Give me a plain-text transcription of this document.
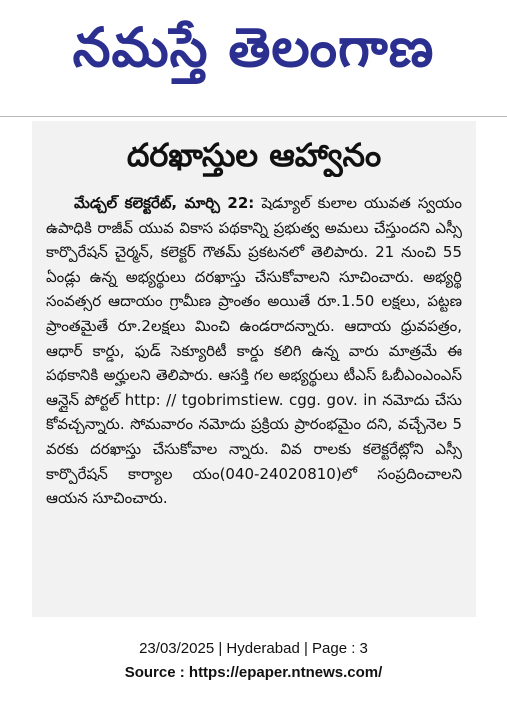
నమస్తే తెలంగాణ
దరఖాస్తుల ఆహ్వానం
మేడ్చల్ కలెక్టరేట్, మార్చి 22: షెడ్యూల్ కులాల యువత స్వయం ఉపాధికి రాజీవ్ యువ వికాస పథకాన్ని ప్రభుత్వ అమలు చేస్తుందని ఎస్సీ కార్పొరేషన్ చైర్మన్, కలెక్టర్ గౌతమ్ ప్రకటనలో తెలిపారు. 21 నుంచి 55 ఏండ్లు ఉన్న అభ్యర్థులు దరఖాస్తు చేసుకోవాలని సూచించారు. అభ్యర్థి సంవత్సర ఆదాయం గ్రామీణ ప్రాంతం అయితే రూ.1.50 లక్షలు, పట్టణ ప్రాంతమైతే రూ.2లక్షలు మించి ఉండరాదన్నారు. ఆదాయ ధ్రువపత్రం, ఆధార్ కార్డు, ఫుడ్ సెక్యూరిటీ కార్డు కలిగి ఉన్న వారు మాత్రమే ఈ పథకానికి అర్హులని తెలిపారు. ఆసక్తి గల అభ్యర్థులు టీఎస్ ఓబీఎంఎంఎస్ ఆన్లైన్ పోర్టల్ http: // tgobrimstiew. cgg. gov. in నమోదు చేసు కోవచ్చన్నారు. సోమవారం నమోదు ప్రక్రియ ప్రారంభమైం దని, వచ్చేనెల 5 వరకు దరఖాస్తు చేసుకోవాల న్నారు. వివ రాలకు కలెక్టరేట్లోని ఎస్సీ కార్పొరేషన్ కార్యాల యం(040-24020810)లో సంప్రదించాలని ఆయన సూచించారు.
23/03/2025 | Hyderabad | Page : 3
Source : https://epaper.ntnews.com/
